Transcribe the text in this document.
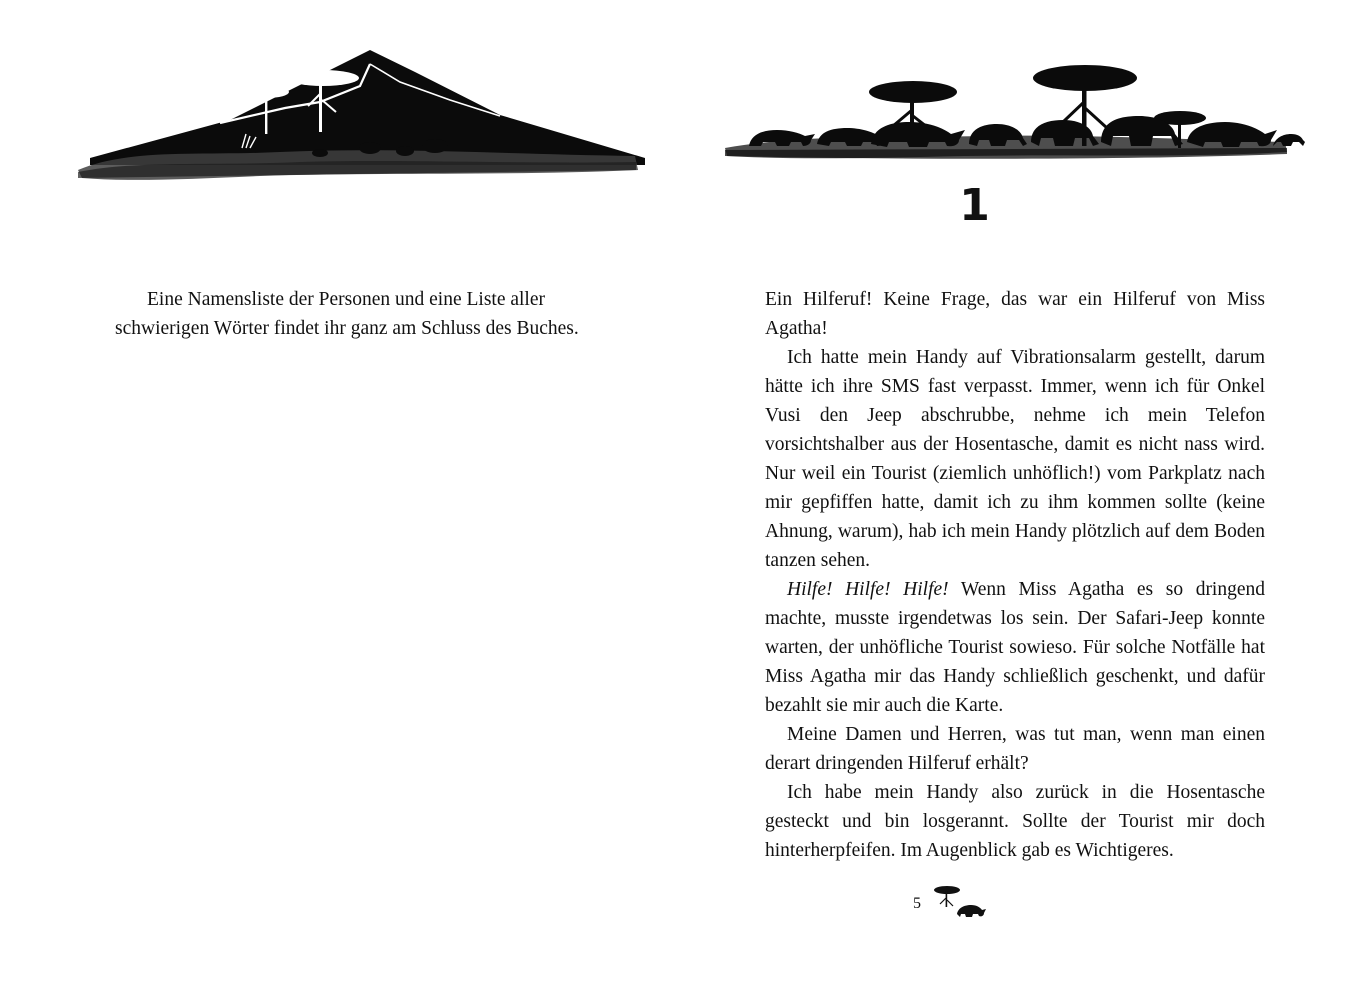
Eine Namensliste der Personen und eine Liste aller schwierigen Wörter findet ihr ganz am Schluss des Buches.

1

Ein Hilferuf! Keine Frage, das war ein Hilferuf von Miss Agatha!

Ich hatte mein Handy auf Vibrationsalarm gestellt, darum hätte ich ihre SMS fast verpasst. Immer, wenn ich für Onkel Vusi den Jeep abschrubbe, nehme ich mein Telefon vorsichtshalber aus der Hosentasche, damit es nicht nass wird. Nur weil ein Tourist (ziemlich unhöflich!) vom Parkplatz nach mir gepfiffen hatte, damit ich zu ihm kommen sollte (keine Ahnung, warum), hab ich mein Handy plötzlich auf dem Boden tanzen sehen.

Hilfe! Hilfe! Hilfe! Wenn Miss Agatha es so dringend machte, musste irgendetwas los sein. Der Safari-Jeep konnte warten, der unhöfliche Tourist sowieso. Für solche Notfälle hat Miss Agatha mir das Handy schließlich geschenkt, und dafür bezahlt sie mir auch die Karte.

Meine Damen und Herren, was tut man, wenn man einen derart dringenden Hilferuf erhält?

Ich habe mein Handy also zurück in die Hosentasche gesteckt und bin losgerannt. Sollte der Tourist mir doch hinterherpfeifen. Im Augenblick gab es Wichtigeres.

5
